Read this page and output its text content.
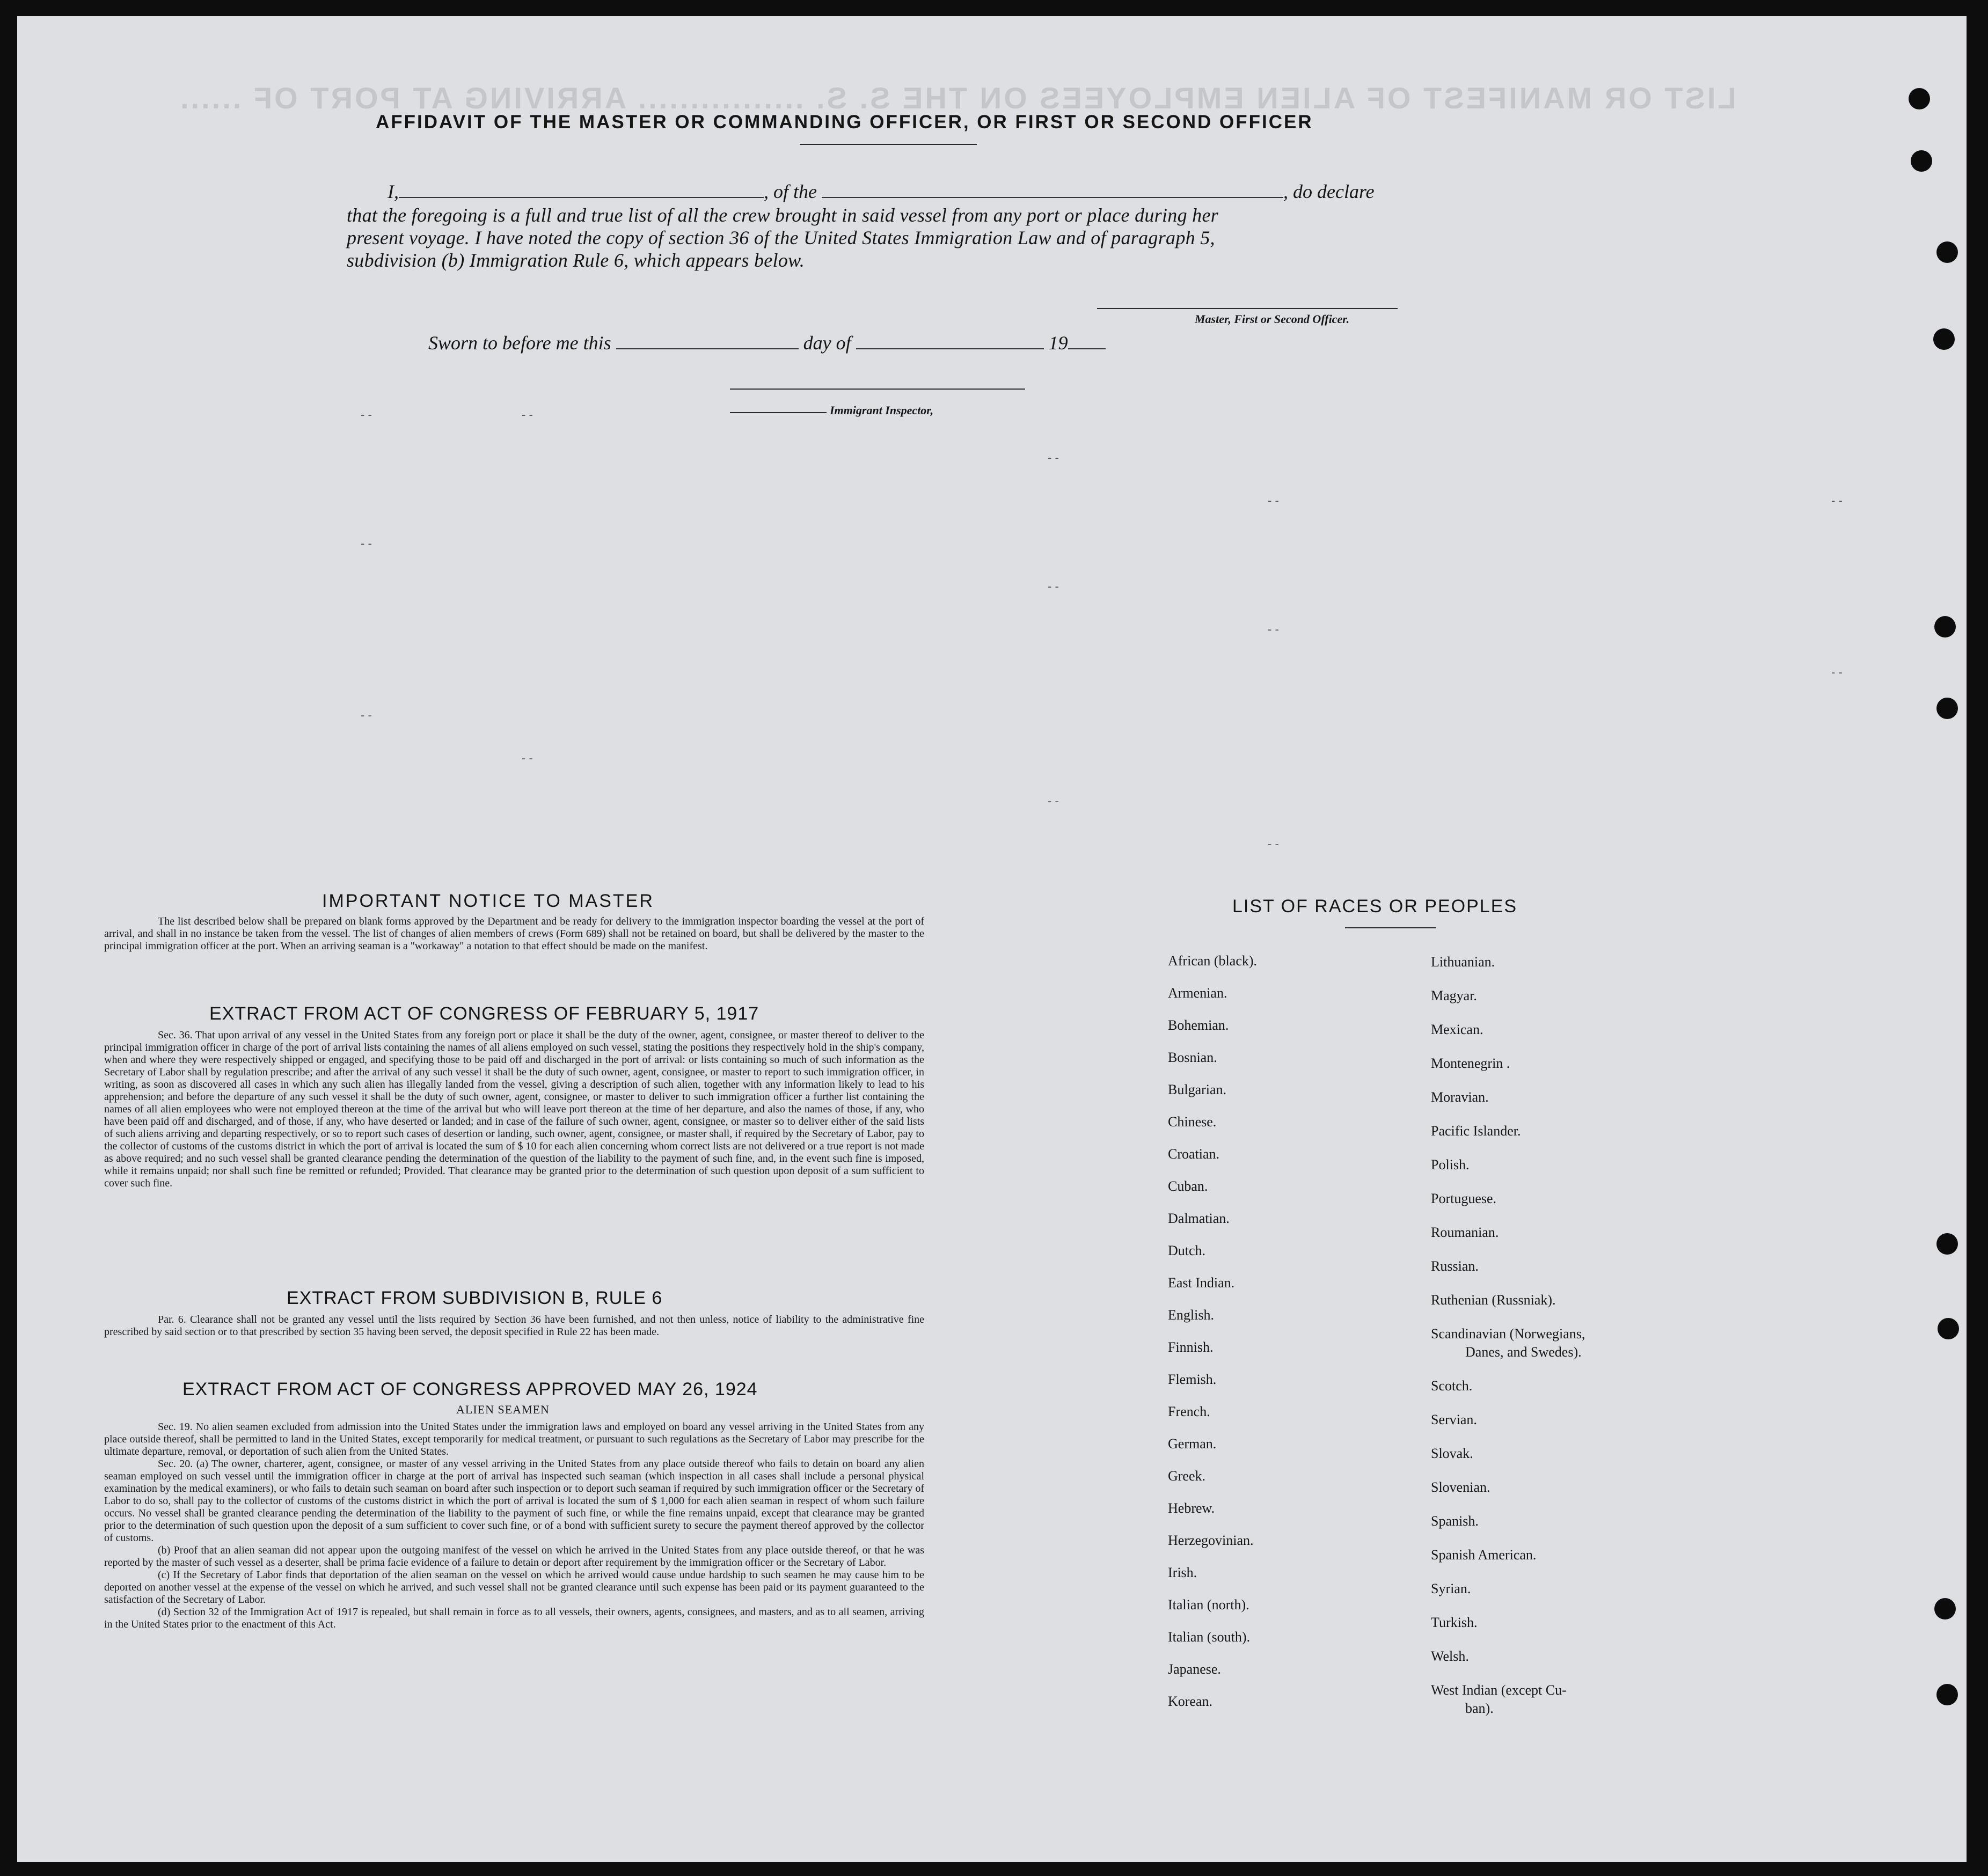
LIST OR MANIFEST OF ALIEN EMPLOYEES ON THE S. S. ................ ARRIVING AT PORT OF ......
- -	- -
- -
- -	- -
- -
- -
- -
- -
- -
- -
- -
- -
AFFIDAVIT OF THE MASTER OR COMMANDING OFFICER, OR FIRST OR SECOND OFFICER
I,	, of the	, do declare
that the foregoing is a full and true list of all the crew brought in said vessel from any port or place during her
present voyage. I have noted the copy of section 36 of the United States Immigration Law and of paragraph 5,
subdivision (b) Immigration Rule 6, which appears below.
Master, First or Second Officer.
Sworn to before me this	day of	19
Immigrant Inspector,
IMPORTANT NOTICE TO MASTER
The list described below shall be prepared on blank forms approved by the Department and be ready for delivery to the immigration inspector boarding the vessel at the port of arrival, and shall in no instance be taken from the vessel. The list of changes of alien members of crews (Form 689) shall not be retained on board, but shall be delivered by the master to the principal immigration officer at the port. When an arriving seaman is a "workaway" a notation to that effect should be made on the manifest.
EXTRACT FROM ACT OF CONGRESS OF FEBRUARY 5, 1917
Sec. 36. That upon arrival of any vessel in the United States from any foreign port or place it shall be the duty of the owner, agent, consignee, or master thereof to deliver to the principal immigration officer in charge of the port of arrival lists containing the names of all aliens employed on such vessel, stating the positions they respectively hold in the ship's company, when and where they were respectively shipped or engaged, and specifying those to be paid off and discharged in the port of arrival: or lists containing so much of such information as the Secretary of Labor shall by regulation prescribe; and after the arrival of any such vessel it shall be the duty of such owner, agent, consignee, or master to report to such immigration officer, in writing, as soon as discovered all cases in which any such alien has illegally landed from the vessel, giving a description of such alien, together with any information likely to lead to his apprehension; and before the departure of any such vessel it shall be the duty of such owner, agent, consignee, or master to deliver to such immigration officer a further list containing the names of all alien employees who were not employed thereon at the time of the arrival but who will leave port thereon at the time of her departure, and also the names of those, if any, who have been paid off and discharged, and of those, if any, who have deserted or landed; and in case of the failure of such owner, agent, consignee, or master so to deliver either of the said lists of such aliens arriving and departing respectively, or so to report such cases of desertion or landing, such owner, agent, consignee, or master shall, if required by the Secretary of Labor, pay to the collector of customs of the customs district in which the port of arrival is located the sum of $ 10 for each alien concerning whom correct lists are not delivered or a true report is not made as above required; and no such vessel shall be granted clearance pending the determination of the question of the liability to the payment of such fine, and, in the event such fine is imposed, while it remains unpaid; nor shall such fine be remitted or refunded; Provided. That clearance may be granted prior to the determination of such question upon deposit of a sum sufficient to cover such fine.
EXTRACT FROM SUBDIVISION B, RULE 6
Par. 6. Clearance shall not be granted any vessel until the lists required by Section 36 have been furnished, and not then unless, notice of liability to the administrative fine prescribed by said section or to that prescribed by section 35 having been served, the deposit specified in Rule 22 has been made.
EXTRACT FROM ACT OF CONGRESS APPROVED MAY 26, 1924
ALIEN SEAMEN
Sec. 19. No alien seamen excluded from admission into the United States under the immigration laws and employed on board any vessel arriving in the United States from any place outside thereof, shall be permitted to land in the United States, except temporarily for medical treatment, or pursuant to such regulations as the Secretary of Labor may prescribe for the ultimate departure, removal, or deportation of such alien from the United States.
Sec. 20. (a) The owner, charterer, agent, consignee, or master of any vessel arriving in the United States from any place outside thereof who fails to detain on board any alien seaman employed on such vessel until the immigration officer in charge at the port of arrival has inspected such seaman (which inspection in all cases shall include a personal physical examination by the medical examiners), or who fails to detain such seaman on board after such inspection or to deport such seaman if required by such immigration officer or the Secretary of Labor to do so, shall pay to the collector of customs of the customs district in which the port of arrival is located the sum of $ 1,000 for each alien seaman in respect of whom such failure occurs. No vessel shall be granted clearance pending the determination of the liability to the payment of such fine, or while the fine remains unpaid, except that clearance may be granted prior to the determination of such question upon the deposit of a sum sufficient to cover such fine, or of a bond with sufficient surety to secure the payment thereof approved by the collector of customs.
(b) Proof that an alien seaman did not appear upon the outgoing manifest of the vessel on which he arrived in the United States from any place outside thereof, or that he was reported by the master of such vessel as a deserter, shall be prima facie evidence of a failure to detain or deport after requirement by the immigration officer or the Secretary of Labor.
(c) If the Secretary of Labor finds that deportation of the alien seaman on the vessel on which he arrived would cause undue hardship to such seamen he may cause him to be deported on another vessel at the expense of the vessel on which he arrived, and such vessel shall not be granted clearance until such expense has been paid or its payment guaranteed to the satisfaction of the Secretary of Labor.
(d) Section 32 of the Immigration Act of 1917 is repealed, but shall remain in force as to all vessels, their owners, agents, consignees, and masters, and as to all seamen, arriving in the United States prior to the enactment of this Act.
LIST OF RACES OR PEOPLES
African (black).
Armenian.
Bohemian.
Bosnian.
Bulgarian.
Chinese.
Croatian.
Cuban.
Dalmatian.
Dutch.
East Indian.
English.
Finnish.
Flemish.
French.
German.
Greek.
Hebrew.
Herzegovinian.
Irish.
Italian (north).
Italian (south).
Japanese.
Korean.
Lithuanian.
Magyar.
Mexican.
Montenegrin .
Moravian.
Pacific Islander.
Polish.
Portuguese.
Roumanian.
Russian.
Ruthenian (Russniak).
Scandinavian (Norwegians,
Danes, and Swedes).
Scotch.
Servian.
Slovak.
Slovenian.
Spanish.
Spanish American.
Syrian.
Turkish.
Welsh.
West Indian (except Cu-
ban).
